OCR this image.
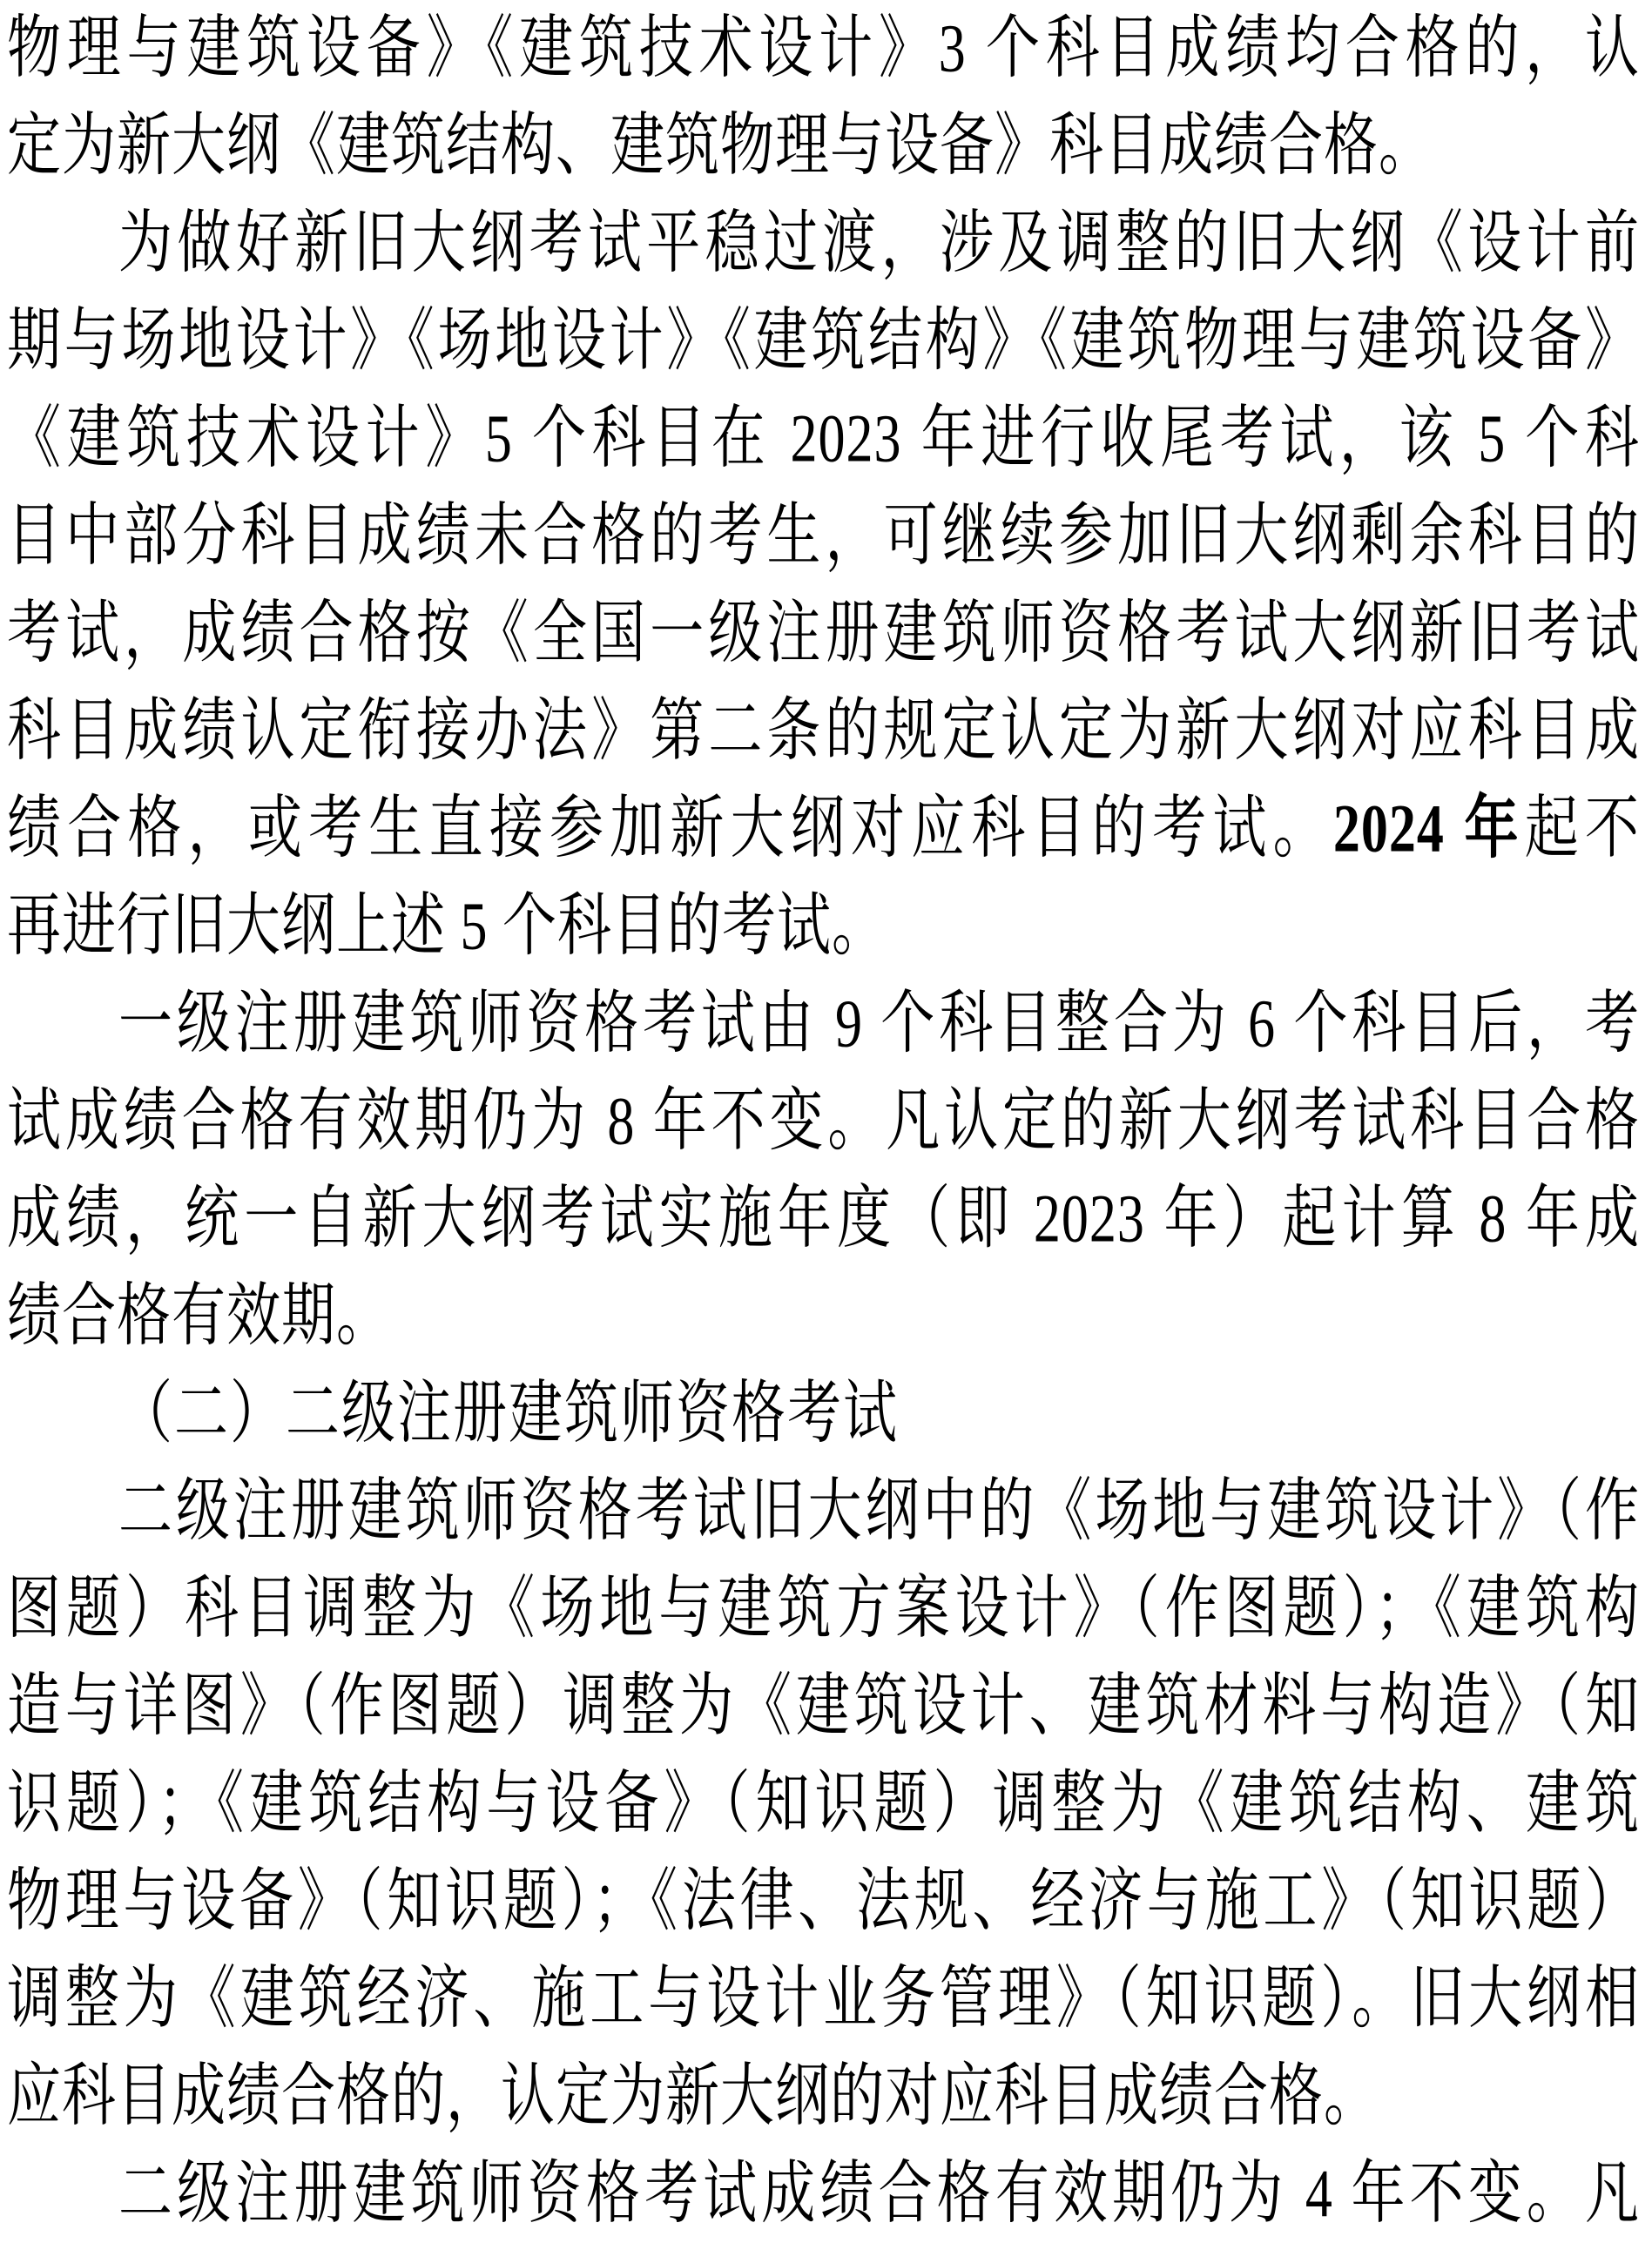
物理与建筑设备》《建筑技术设计》3 个科目成绩均合格的，认
定为新大纲《建筑结构、建筑物理与设备》科目成绩合格。
为做好新旧大纲考试平稳过渡，涉及调整的旧大纲《设计前
期与场地设计》《场地设计》《建筑结构》《建筑物理与建筑设备》
《建筑技术设计》5 个科目在 2023 年进行收尾考试，该 5 个科
目中部分科目成绩未合格的考生，可继续参加旧大纲剩余科目的
考试，成绩合格按《全国一级注册建筑师资格考试大纲新旧考试
科目成绩认定衔接办法》第二条的规定认定为新大纲对应科目成
绩合格，或考生直接参加新大纲对应科目的考试。2024 年起不
再进行旧大纲上述 5 个科目的考试。
一级注册建筑师资格考试由 9 个科目整合为 6 个科目后，考
试成绩合格有效期仍为 8 年不变。凡认定的新大纲考试科目合格
成绩，统一自新大纲考试实施年度（即 2023 年）起计算 8 年成
绩合格有效期。
（二）二级注册建筑师资格考试
二级注册建筑师资格考试旧大纲中的《场地与建筑设计》（作
图题）科目调整为《场地与建筑方案设计》（作图题）；《建筑构
造与详图》（作图题）调整为《建筑设计、建筑材料与构造》（知
识题）；《建筑结构与设备》（知识题）调整为《建筑结构、建筑
物理与设备》（知识题）；《法律、法规、经济与施工》（知识题）
调整为《建筑经济、施工与设计业务管理》（知识题）。旧大纲相
应科目成绩合格的，认定为新大纲的对应科目成绩合格。
二级注册建筑师资格考试成绩合格有效期仍为 4 年不变。凡
